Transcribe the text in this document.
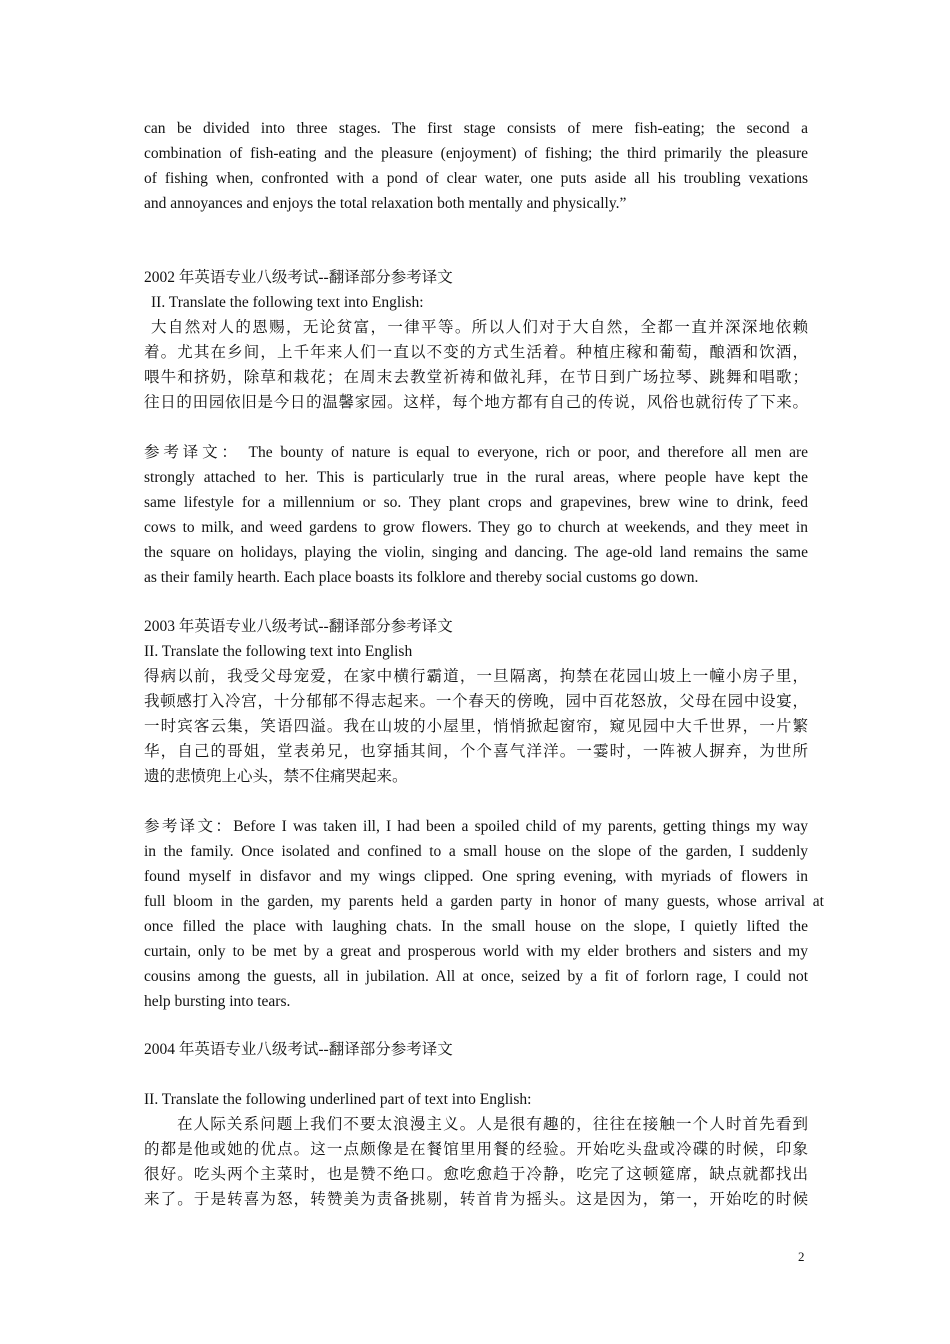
can be divided into three stages. The first stage consists of mere fish-eating; the second a
combination of fish-eating and the pleasure (enjoyment) of fishing; the third primarily the pleasure
of fishing when, confronted with a pond of clear water, one puts aside all his troubling vexations
and annoyances and enjoys the total relaxation both mentally and physically.”
2002 年英语专业八级考试--翻译部分参考译文
II. Translate the following text into English:
大自然对人的恩赐，无论贫富，一律平等。所以人们对于大自然，全都一直并深深地依赖
着。尤其在乡间，上千年来人们一直以不变的方式生活着。种植庄稼和葡萄，酿酒和饮酒，
喂牛和挤奶，除草和栽花；在周末去教堂祈祷和做礼拜，在节日到广场拉琴、跳舞和唱歌；
往日的田园依旧是今日的温馨家园。这样，每个地方都有自己的传说，风俗也就衍传了下来。
参考译文： The bounty of nature is equal to everyone, rich or poor, and therefore all men are
strongly attached to her. This is particularly true in the rural areas, where people have kept the
same lifestyle for a millennium or so. They plant crops and grapevines, brew wine to drink, feed
cows to milk, and weed gardens to grow flowers. They go to church at weekends, and they meet in
the square on holidays, playing the violin, singing and dancing. The age-old land remains the same
as their family hearth. Each place boasts its folklore and thereby social customs go down.
2003 年英语专业八级考试--翻译部分参考译文
II. Translate the following text into English
得病以前，我受父母宠爱，在家中横行霸道，一旦隔离，拘禁在花园山坡上一幢小房子里，
我顿感打入冷宫，十分郁郁不得志起来。一个春天的傍晚，园中百花怒放，父母在园中设宴，
一时宾客云集，笑语四溢。我在山坡的小屋里，悄悄掀起窗帘，窥见园中大千世界，一片繁
华，自己的哥姐，堂表弟兄，也穿插其间，个个喜气洋洋。一霎时，一阵被人摒弃，为世所
遗的悲愤兜上心头，禁不住痛哭起来。
参考译文：Before I was taken ill, I had been a spoiled child of my parents, getting things my way
in the family. Once isolated and confined to a small house on the slope of the garden, I suddenly
found myself in disfavor and my wings clipped. One spring evening, with myriads of flowers in
full bloom in the garden, my parents held a garden party in honor of many guests, whose arrival at
once filled the place with laughing chats. In the small house on the slope, I quietly lifted the
curtain, only to be met by a great and prosperous world with my elder brothers and sisters and my
cousins among the guests, all in jubilation. All at once, seized by a fit of forlorn rage, I could not
help bursting into tears.
2004 年英语专业八级考试--翻译部分参考译文
II. Translate the following underlined part of text into English:
在人际关系问题上我们不要太浪漫主义。人是很有趣的，往往在接触一个人时首先看到
的都是他或她的优点。这一点颇像是在餐馆里用餐的经验。开始吃头盘或冷碟的时候，印象
很好。吃头两个主菜时，也是赞不绝口。愈吃愈趋于冷静，吃完了这顿筵席，缺点就都找出
来了。于是转喜为怒，转赞美为责备挑剔，转首肯为摇头。这是因为，第一，开始吃的时候
2
